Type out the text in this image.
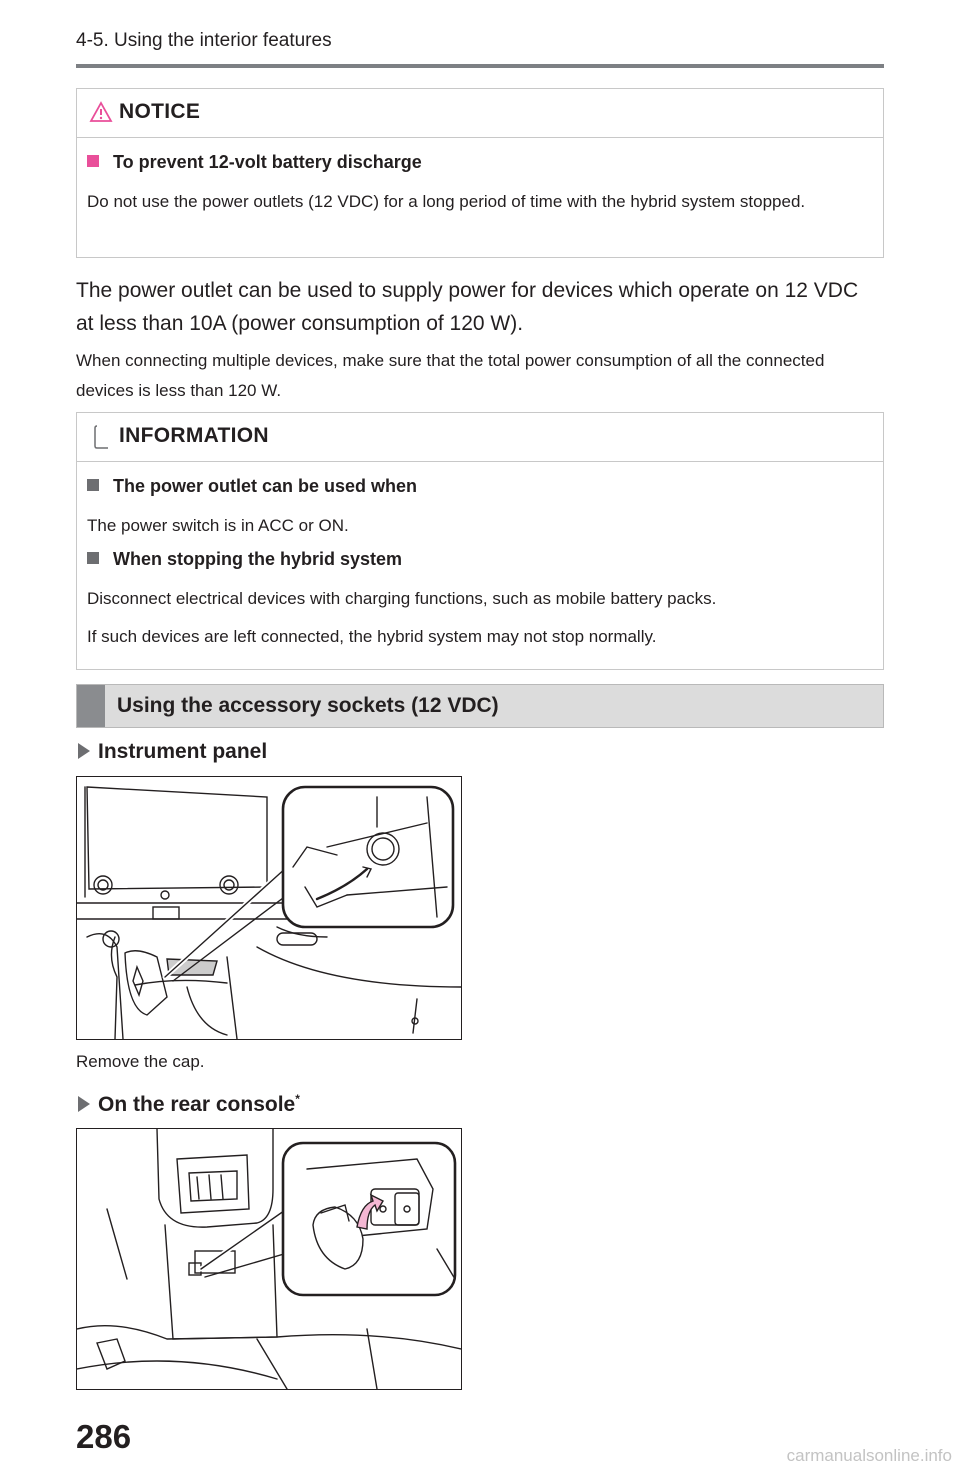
4-5. Using the interior features
NOTICE
To prevent 12-volt battery discharge

Do not use the power outlets (12 VDC) for a long period of time with the hybrid system stopped.

The power outlet can be used to supply power for devices which operate on 12 VDC at less than 10A (power consumption of 120 W).
When connecting multiple devices, make sure that the total power consumption of all the connected devices is less than 120 W.
INFORMATION
The power outlet can be used when

The power switch is in ACC or ON.

When stopping the hybrid system

Disconnect electrical devices with charging functions, such as mobile battery packs.

If such devices are left connected, the hybrid system may not stop normally.

Using the accessory sockets (12 VDC)
Instrument panel
Remove the cap.
On the rear console*
286
carmanualsonline.info
